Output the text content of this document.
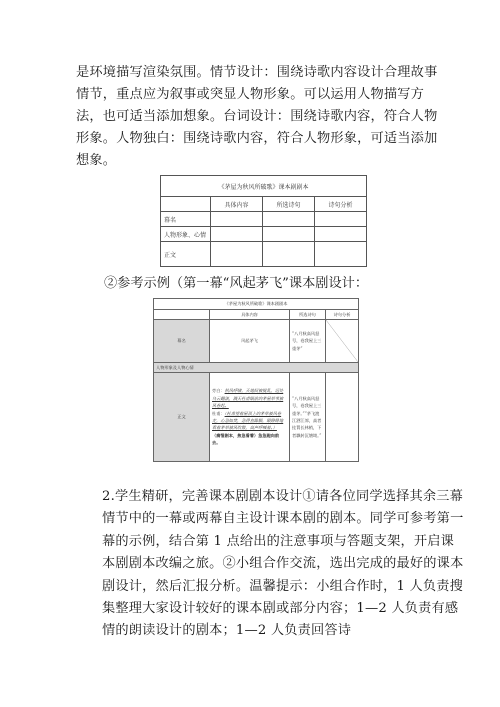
是环境描写渲染氛围。情节设计：围绕诗歌内容设计合理故事情节，重点应为叙事或突显人物形象。可以运用人物描写方法，也可适当添加想象。台词设计：围绕诗歌内容，符合人物形象。人物独白：围绕诗歌内容，符合人物形象，可适当添加想象。
《茅屋为秋风所破歌》课本剧剧本			
	具体内容	所选诗句	诗句分析
幕名			
人物形象、心情			
正文			
②参考示例（第一幕“风起茅飞”课本剧设计：
《茅屋为秋风所破歌》课本剧剧本			
	具体内容	所选诗句	诗句分析
幕名	风起茅飞	“八月秋高风怒号，卷我屋上三重茅”	

人物形象及人物心情			
正文	旁白：秋风呼啸，天地间被搅乱，远处乌云翻滚，满天杜甫眼前的茅屋草苇被风卷起。
杜甫：（杜甫望着屋顶上的茅草被风卷走，心急如焚，急得直跺脚，眼睁睁地看着茅草被风吹散，高声呼喊着。）
（痛惜剧本，焦急看着）急急跑向前去。	“八月秋高风怒号，卷我屋上三重茅。”“茅飞渡江洒江郊，高者挂罥长林梢，下者飘转沉塘坳。”	
2.学生精研，完善课本剧剧本设计①请各位同学选择其余三幕情节中的一幕或两幕自主设计课本剧的剧本。同学可参考第一幕的示例，结合第 1 点给出的注意事项与答题支架，开启课本剧剧本改编之旅。②小组合作交流，选出完成的最好的课本剧设计，然后汇报分析。温馨提示：小组合作时，1 人负责搜集整理大家设计较好的课本剧或部分内容；1—2 人负责有感情的朗读设计的剧本；1—2 人负责回答诗
